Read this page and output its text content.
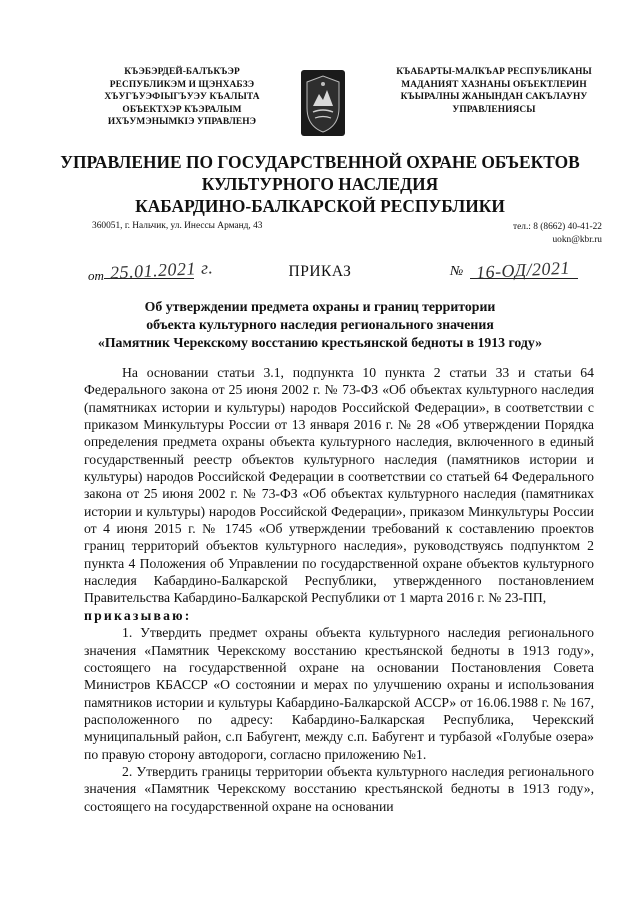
КЪЭБЭРДЕЙ-БАЛЪКЪЭР
РЕСПУБЛИКЭМ И ЩЭНХАБЗЭ
ХЪУГЪУЭФІЫГЪУЭУ КЪАЛЫТА
ОБЪЕКТХЭР КЪЭРАЛЫМ
ИХЪУМЭНЫМКІЭ УПРАВЛЕНЭ
КЪАБАРТЫ-МАЛКЪАР РЕСПУБЛИКАНЫ
МАДАНИЯТ ХАЗНАНЫ ОБЪЕКТЛЕРИН
КЪЫРАЛНЫ ЖАНЫНДАН САКЪЛАУНУ
УПРАВЛЕНИЯСЫ
УПРАВЛЕНИЕ ПО ГОСУДАРСТВЕННОЙ ОХРАНЕ ОБЪЕКТОВ
КУЛЬТУРНОГО НАСЛЕДИЯ
КАБАРДИНО-БАЛКАРСКОЙ РЕСПУБЛИКИ
360051, г. Нальчик, ул. Инессы Арманд, 43	тел.: 8 (8662) 40-41-22
uokn@kbr.ru
от 25.01.2021 г.	ПРИКАЗ	№ 16-ОД/2021
Об утверждении предмета охраны и границ территории
объекта культурного наследия регионального значения
«Памятник Черекскому восстанию крестьянской бедноты в 1913 году»

На основании статьи 3.1, подпункта 10 пункта 2 статьи 33 и статьи 64 Федерального закона от 25 июня 2002 г. № 73-ФЗ «Об объектах культурного наследия (памятниках истории и культуры) народов Российской Федерации», в соответствии с приказом Минкультуры России от 13 января 2016 г. № 28 «Об утверждении Порядка определения предмета охраны объекта культурного наследия, включенного в единый государственный реестр объектов культурного наследия (памятников истории и культуры) народов Российской Федерации в соответствии со статьей 64 Федерального закона от 25 июня 2002 г. № 73-ФЗ «Об объектах культурного наследия (памятниках истории и культуры) народов Российской Федерации», приказом Минкультуры России от 4 июня 2015 г. № 1745 «Об утверждении требований к составлению проектов границ территорий объектов культурного наследия», руководствуясь подпунктом 2 пункта 4 Положения об Управлении по государственной охране объектов культурного наследия Кабардино-Балкарской Республики, утвержденного постановлением Правительства Кабардино-Балкарской Республики от 1 марта 2016 г. № 23-ПП,

приказываю:

1. Утвердить предмет охраны объекта культурного наследия регионального значения «Памятник Черекскому восстанию крестьянской бедноты в 1913 году», состоящего на государственной охране на основании Постановления Совета Министров КБАССР «О состоянии и мерах по улучшению охраны и использования памятников истории и культуры Кабардино-Балкарской АССР» от 16.06.1988 г. № 167, расположенного по адресу: Кабардино-Балкарская Республика, Черекский муниципальный район, с.п Бабугент, между с.п. Бабугент и турбазой «Голубые озера» по правую сторону автодороги, согласно приложению №1.

2. Утвердить границы территории объекта культурного наследия регионального значения «Памятник Черекскому восстанию крестьянской бедноты в 1913 году», состоящего на государственной охране на основании
